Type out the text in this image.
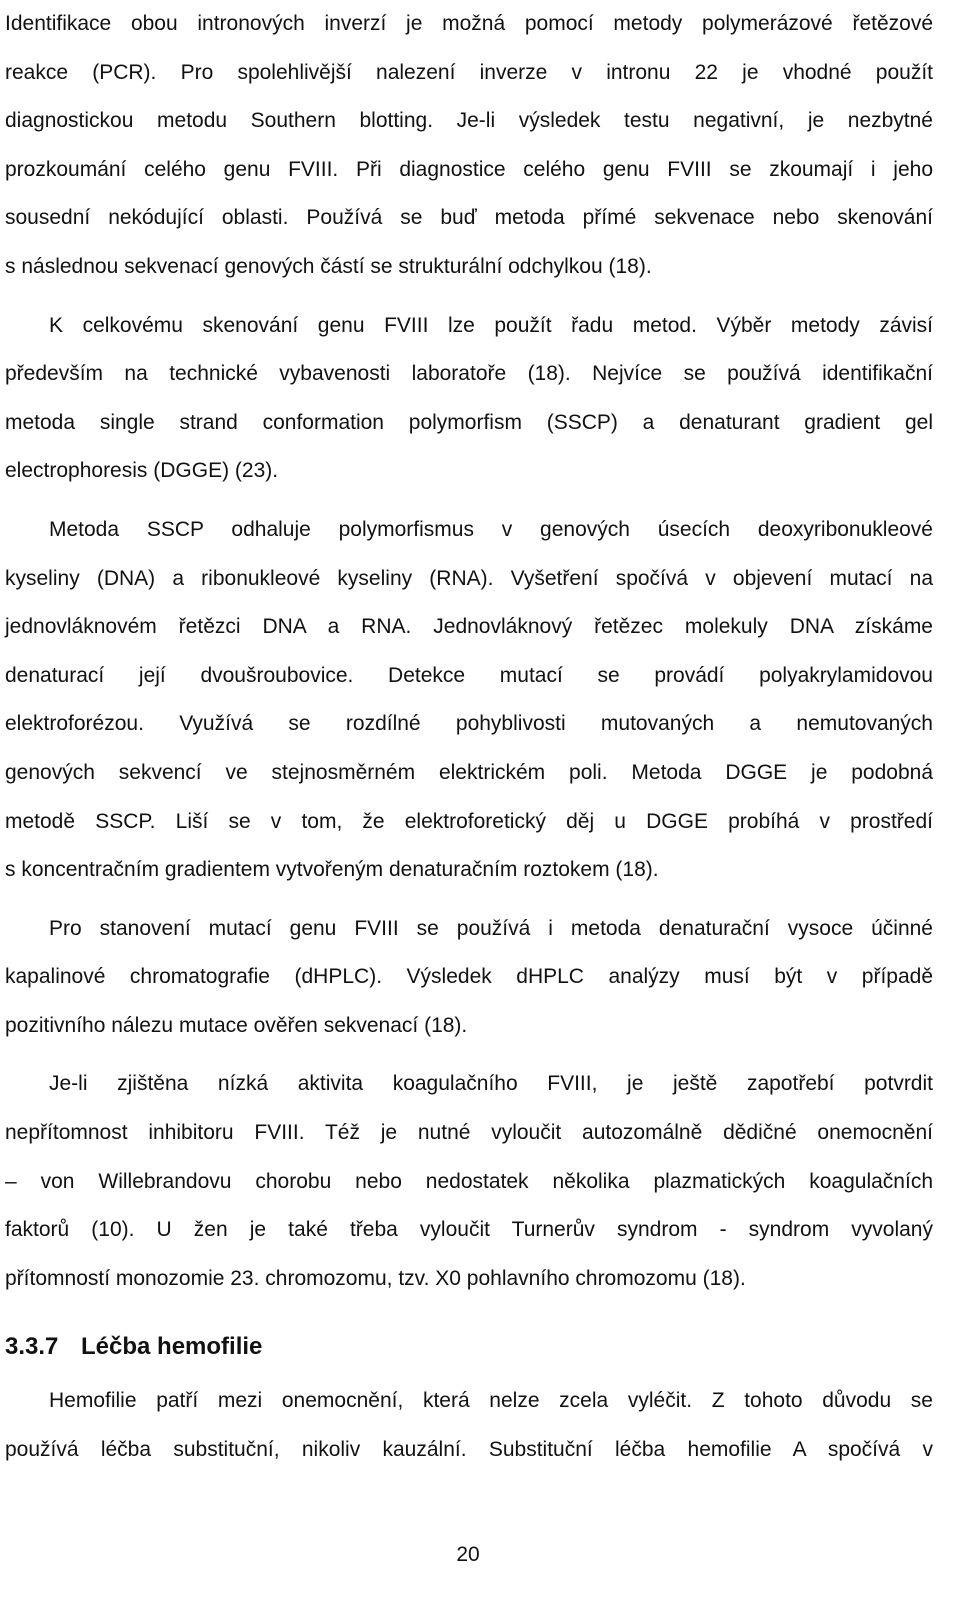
Identifikace obou intronových inverzí je možná pomocí metody polymerázové řetězové
reakce (PCR). Pro spolehlivější nalezení inverze v intronu 22 je vhodné použít
diagnostickou metodu Southern blotting. Je-li výsledek testu negativní, je nezbytné
prozkoumání celého genu FVIII. Při diagnostice celého genu FVIII se zkoumají i jeho
sousední nekódující oblasti. Používá se buď metoda přímé sekvenace nebo skenování
s následnou sekvenací genových částí se strukturální odchylkou (18).
K celkovému skenování genu FVIII lze použít řadu metod. Výběr metody závisí
především na technické vybavenosti laboratoře (18). Nejvíce se používá identifikační
metoda single strand conformation polymorfism (SSCP) a denaturant gradient gel
electrophoresis (DGGE) (23).
Metoda SSCP odhaluje polymorfismus v genových úsecích deoxyribonukleové
kyseliny (DNA) a ribonukleové kyseliny (RNA). Vyšetření spočívá v objevení mutací na
jednovláknovém řetězci DNA a RNA. Jednovláknový řetězec molekuly DNA získáme
denaturací její dvoušroubovice. Detekce mutací se provádí polyakrylamidovou
elektroforézou. Využívá se rozdílné pohyblivosti mutovaných a nemutovaných
genových sekvencí ve stejnosměrném elektrickém poli. Metoda DGGE je podobná
metodě SSCP. Liší se v tom, že elektroforetický děj u DGGE probíhá v prostředí
s koncentračním gradientem vytvořeným denaturačním roztokem (18).
Pro stanovení mutací genu FVIII se používá i metoda denaturační vysoce účinné
kapalinové chromatografie (dHPLC). Výsledek dHPLC analýzy musí být v případě
pozitivního nálezu mutace ověřen sekvenací (18).
Je-li zjištěna nízká aktivita koagulačního FVIII, je ještě zapotřebí potvrdit
nepřítomnost inhibitoru FVIII. Též je nutné vyloučit autozomálně dědičné onemocnění
– von Willebrandovu chorobu nebo nedostatek několika plazmatických koagulačních
faktorů (10). U žen je také třeba vyloučit Turnerův syndrom - syndrom vyvolaný
přítomností monozomie 23. chromozomu, tzv. X0 pohlavního chromozomu (18).
3.3.7 Léčba hemofilie
Hemofilie patří mezi onemocnění, která nelze zcela vyléčit. Z tohoto důvodu se
používá léčba substituční, nikoliv kauzální. Substituční léčba hemofilie A spočívá v
20
